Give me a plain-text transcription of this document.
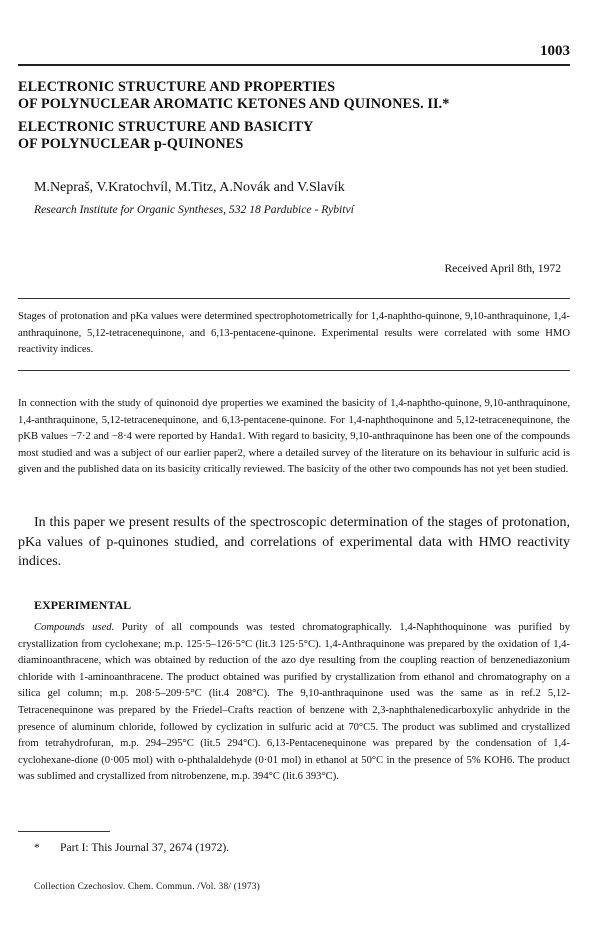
1003
ELECTRONIC STRUCTURE AND PROPERTIES
OF POLYNUCLEAR AROMATIC KETONES AND QUINONES. II.*
ELECTRONIC STRUCTURE AND BASICITY
OF POLYNUCLEAR p-QUINONES
M.Nepraš, V.Kratochvíl, M.Titz, A.Novák and V.Slavík
Research Institute for Organic Syntheses, 532 18 Pardubice - Rybitví
Received April 8th, 1972

Stages of protonation and pKa values were determined spectrophotometrically for 1,4-naphtho-quinone, 9,10-anthraquinone, 1,4-anthraquinone, 5,12-tetracenequinone, and 6,13-pentacene-quinone. Experimental results were correlated with some HMO reactivity indices.

In connection with the study of quinonoid dye properties we examined the basicity of 1,4-naphtho-quinone, 9,10-anthraquinone, 1,4-anthraquinone, 5,12-tetracenequinone, and 6,13-pentacene-quinone. For 1,4-naphthoquinone and 5,12-tetracenequinone, the pKB values −7·2 and −8·4 were reported by Handa1. With regard to basicity, 9,10-anthraquinone has been one of the compounds most studied and was a subject of our earlier paper2, where a detailed survey of the literature on its behaviour in sulfuric acid is given and the published data on its basicity critically reviewed. The basicity of the other two compounds has not yet been studied.

In this paper we present results of the spectroscopic determination of the stages of protonation, pKa values of p-quinones studied, and correlations of experimental data with HMO reactivity indices.

EXPERIMENTAL

Compounds used. Purity of all compounds was tested chromatographically. 1,4-Naphthoquinone was purified by crystallization from cyclohexane; m.p. 125·5–126·5°C (lit.3 125·5°C). 1,4-Anthraquinone was prepared by the oxidation of 1,4-diaminoanthracene, which was obtained by reduction of the azo dye resulting from the coupling reaction of benzenediazonium chloride with 1-aminoanthracene. The product obtained was purified by crystallization from ethanol and chromatography on a silica gel column; m.p. 208·5–209·5°C (lit.4 208°C). The 9,10-anthraquinone used was the same as in ref.2 5,12-Tetracenequinone was prepared by the Friedel–Crafts reaction of benzene with 2,3-naphthalenedicarboxylic anhydride in the presence of aluminum chloride, followed by cyclization in sulfuric acid at 70°C5. The product was sublimed and crystallized from tetrahydrofuran, m.p. 294–295°C (lit.5 294°C). 6,13-Pentacenequinone was prepared by the condensation of 1,4-cyclohexane-dione (0·005 mol) with o-phthalaldehyde (0·01 mol) in ethanol at 50°C in the presence of 5% KOH6. The product was sublimed and crystallized from nitrobenzene, m.p. 394°C (lit.6 393°C).

* Part I: This Journal 37, 2674 (1972).
Collection Czechoslov. Chem. Commun. /Vol. 38/ (1973)
